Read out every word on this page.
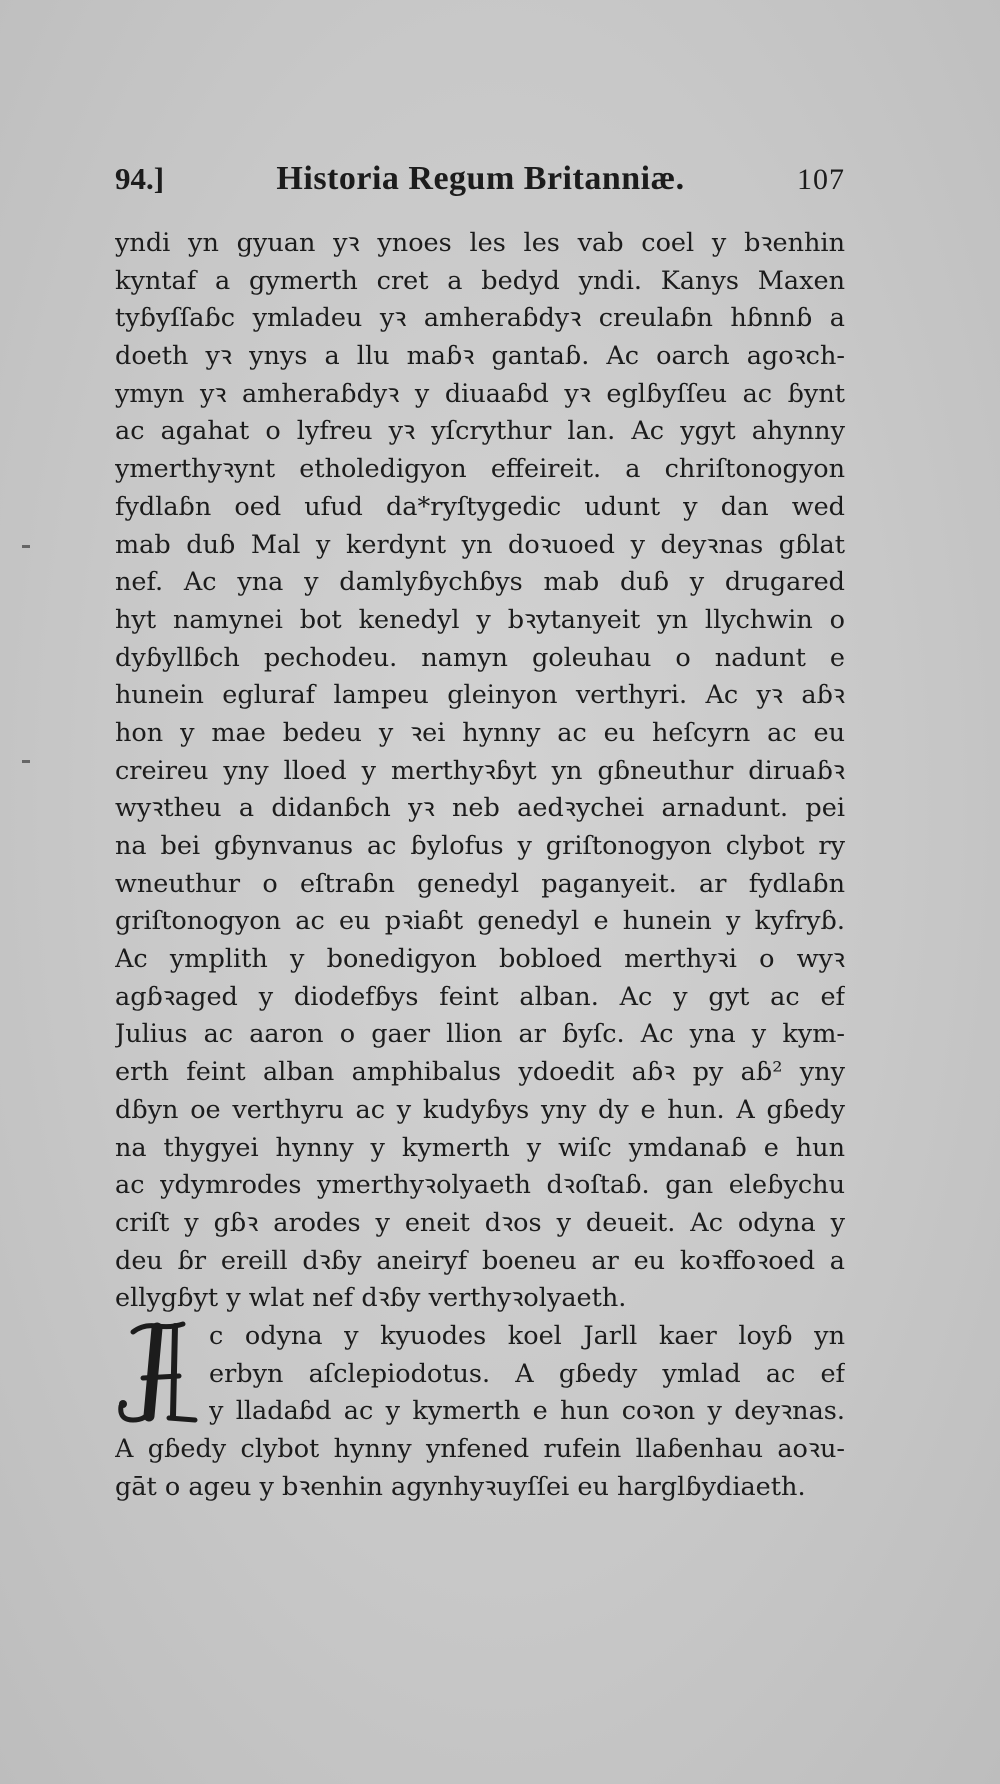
94.]	Historia Regum Britanniæ.	107
yndi yn gyuan yꝛ ynoes les les vab coel y bꝛenhin
kyntaf a gymerth cret a bedyd yndi. Kanys Maxen
tyɓyſſaɓc ymladeu yꝛ amheraɓdyꝛ creulaɓn hɓnnɓ a
doeth yꝛ ynys a llu maɓꝛ gantaɓ. Ac oarch agoꝛch-
ymyn yꝛ amheraɓdyꝛ y diuaaɓd yꝛ eglɓyſſeu ac ɓynt
ac agahat o lyfreu yꝛ yſcrythur lan. Ac ygyt ahynny
ymerthyꝛynt etholedigyon effeireit. a chriſtonogyon
fydlaɓn oed ufud da*ryſtygedic udunt y dan wed
mab duɓ Mal y kerdynt yn doꝛuoed y deyꝛnas gɓlat
nef. Ac yna y damlyɓychɓys mab duɓ y drugared
hyt namynei bot kenedyl y bꝛytanyeit yn llychwin o
dyɓyllɓch pechodeu. namyn goleuhau o nadunt e
hunein egluraf lampeu gleinyon verthyri. Ac yꝛ aɓꝛ
hon y mae bedeu y ꝛei hynny ac eu heſcyrn ac eu
creireu yny lloed y merthyꝛɓyt yn gɓneuthur diruaɓꝛ
wyꝛtheu a didanɓch yꝛ neb aedꝛychei arnadunt. pei
na bei gɓynvanus ac ɓylofus y griſtonogyon clybot ry
wneuthur o eſtraɓn genedyl paganyeit. ar fydlaɓn
griſtonogyon ac eu pꝛiaɓt genedyl e hunein y kyfryɓ.
Ac ymplith y bonedigyon bobloed merthyꝛi o wyꝛ
agɓꝛaged y diodefɓys feint alban. Ac y gyt ac ef
Julius ac aaron o gaer llion ar ɓyſc. Ac yna y kym-
erth feint alban amphibalus ydoedit aɓꝛ py aɓ² yny
dɓyn oe verthyru ac y kudyɓys yny dy e hun. A gɓedy
na thygyei hynny y kymerth y wiſc ymdanaɓ e hun
ac ydymrodes ymerthyꝛolyaeth dꝛoſtaɓ. gan eleɓychu
criſt y gɓꝛ arodes y eneit dꝛos y deueit. Ac odyna y
deu ɓr ereill dꝛɓy aneiryf boeneu ar eu koꝛffoꝛoed a
ellygɓyt y wlat nef dꝛɓy verthyꝛolyaeth.
c odyna y kyuodes koel Jarll kaer loyɓ yn
erbyn aſclepiodotus. A gɓedy ymlad ac ef
y lladaɓd ac y kymerth e hun coꝛon y deyꝛnas.
A gɓedy clybot hynny ynfened rufein llaɓenhau aoꝛu-
gāt o ageu y bꝛenhin agynhyꝛuyſſei eu harglɓydiaeth.
